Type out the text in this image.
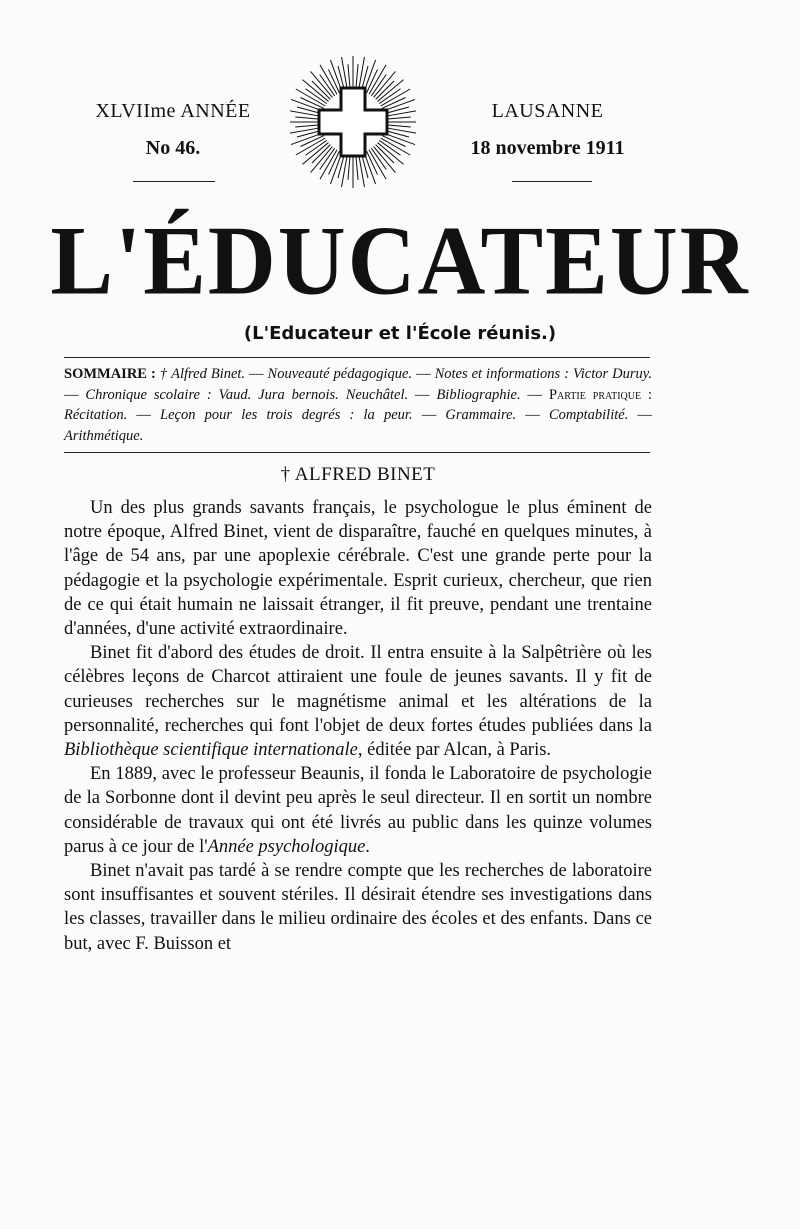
XLVIIme ANNÉE
No 46.
LAUSANNE
18 novembre 1911
L'ÉDUCATEUR
(L'Educateur et l'École réunis.)
SOMMAIRE : † Alfred Binet. — Nouveauté pédagogique. — Notes et informations : Victor Duruy. — Chronique scolaire : Vaud. Jura bernois. Neuchâtel. — Bibliographie. — Partie pratique : Récitation. — Leçon pour les trois degrés : la peur. — Grammaire. — Comptabilité. — Arithmétique.
† ALFRED BINET

Un des plus grands savants français, le psychologue le plus éminent de notre époque, Alfred Binet, vient de disparaître, fauché en quelques minutes, à l'âge de 54 ans, par une apoplexie cérébrale. C'est une grande perte pour la pédagogie et la psychologie expérimentale. Esprit curieux, chercheur, que rien de ce qui était humain ne laissait étranger, il fit preuve, pendant une trentaine d'années, d'une activité extraordinaire.

Binet fit d'abord des études de droit. Il entra ensuite à la Salpêtrière où les célèbres leçons de Charcot attiraient une foule de jeunes savants. Il y fit de curieuses recherches sur le magnétisme animal et les altérations de la personnalité, recherches qui font l'objet de deux fortes études publiées dans la Bibliothèque scientifique internationale, éditée par Alcan, à Paris.

En 1889, avec le professeur Beaunis, il fonda le Laboratoire de psychologie de la Sorbonne dont il devint peu après le seul directeur. Il en sortit un nombre considérable de travaux qui ont été livrés au public dans les quinze volumes parus à ce jour de l'Année psychologique.

Binet n'avait pas tardé à se rendre compte que les recherches de laboratoire sont insuffisantes et souvent stériles. Il désirait étendre ses investigations dans les classes, travailler dans le milieu ordinaire des écoles et des enfants. Dans ce but, avec F. Buisson et
